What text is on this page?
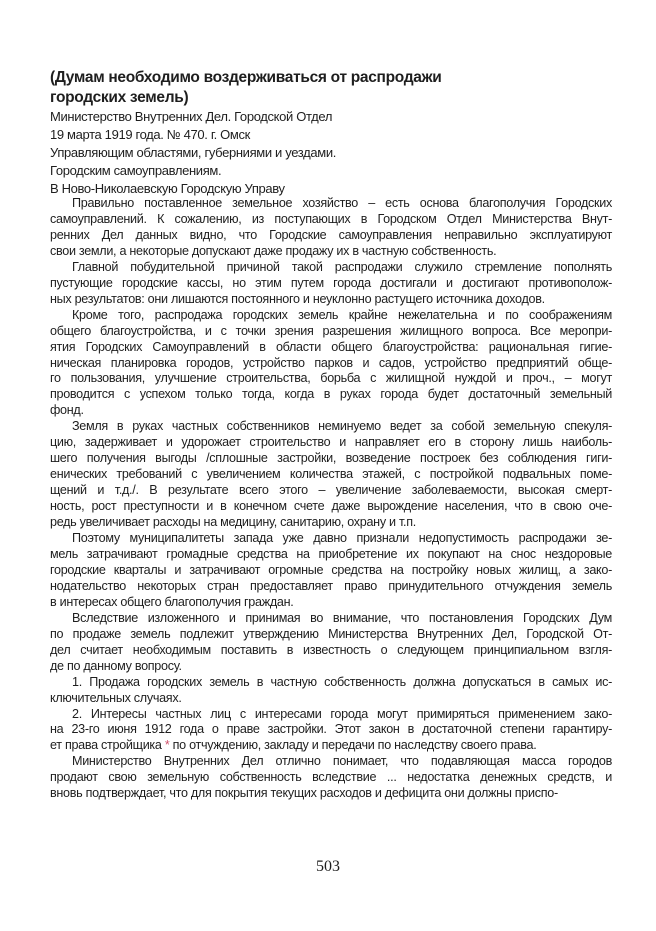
(Думам необходимо воздерживаться от распродажи
городских земель)
Министерство Внутренних Дел. Городской Отдел
19 марта 1919 года. № 470. г. Омск
Управляющим областями, губерниями и уездами.
Городским самоуправлениям.
В Ново-Николаевскую Городскую Управу
Правильно поставленное земельное хозяйство – есть основа благополучия Городских
самоуправлений. К сожалению, из поступающих в Городском Отдел Министерства Внут-
ренних Дел данных видно, что Городские самоуправления неправильно эксплуатируют
свои земли, а некоторые допускают даже продажу их в частную собственность.
Главной побудительной причиной такой распродажи служило стремление пополнять
пустующие городские кассы, но этим путем города достигали и достигают противополож-
ных результатов: они лишаются постоянного и неуклонно растущего источника доходов.
Кроме того, распродажа городских земель крайне нежелательна и по соображениям
общего благоустройства, и с точки зрения разрешения жилищного вопроса. Все меропри-
ятия Городских Самоуправлений в области общего благоустройства: рациональная гигие-
ническая планировка городов, устройство парков и садов, устройство предприятий обще-
го пользования, улучшение строительства, борьба с жилищной нуждой и проч., – могут
проводится с успехом только тогда, когда в руках города будет достаточный земельный
фонд.
Земля в руках частных собственников неминуемо ведет за собой земельную спекуля-
цию, задерживает и удорожает строительство и направляет его в сторону лишь наиболь-
шего получения выгоды /сплошные застройки, возведение построек без соблюдения гиги-
енических требований с увеличением количества этажей, с постройкой подвальных поме-
щений и т.д./. В результате всего этого – увеличение заболеваемости, высокая смерт-
ность, рост преступности и в конечном счете даже вырождение населения, что в свою оче-
редь увеличивает расходы на медицину, санитарию, охрану и т.п.
Поэтому муниципалитеты запада уже давно признали недопустимость распродажи зе-
мель затрачивают громадные средства на приобретение их покупают на снос нездоровые
городские кварталы и затрачивают огромные средства на постройку новых жилищ, а зако-
нодательство некоторых стран предоставляет право принудительного отчуждения земель
в интересах общего благополучия граждан.
Вследствие изложенного и принимая во внимание, что постановления Городских Дум
по продаже земель подлежит утверждению Министерства Внутренних Дел, Городской От-
дел считает необходимым поставить в известность о следующем принципиальном взгля-
де по данному вопросу.
1. Продажа городских земель в частную собственность должна допускаться в самых ис-
ключительных случаях.
2. Интересы частных лиц с интересами города могут примиряться применением зако-
на 23-го июня 1912 года о праве застройки. Этот закон в достаточной степени гарантиру-
ет права стройщика * по отчуждению, закладу и передачи по наследству своего права.
Министерство Внутренних Дел отлично понимает, что подавляющая масса городов
продают свою земельную собственность вследствие ... недостатка денежных средств, и
вновь подтверждает, что для покрытия текущих расходов и дефицита они должны приспо-
503
